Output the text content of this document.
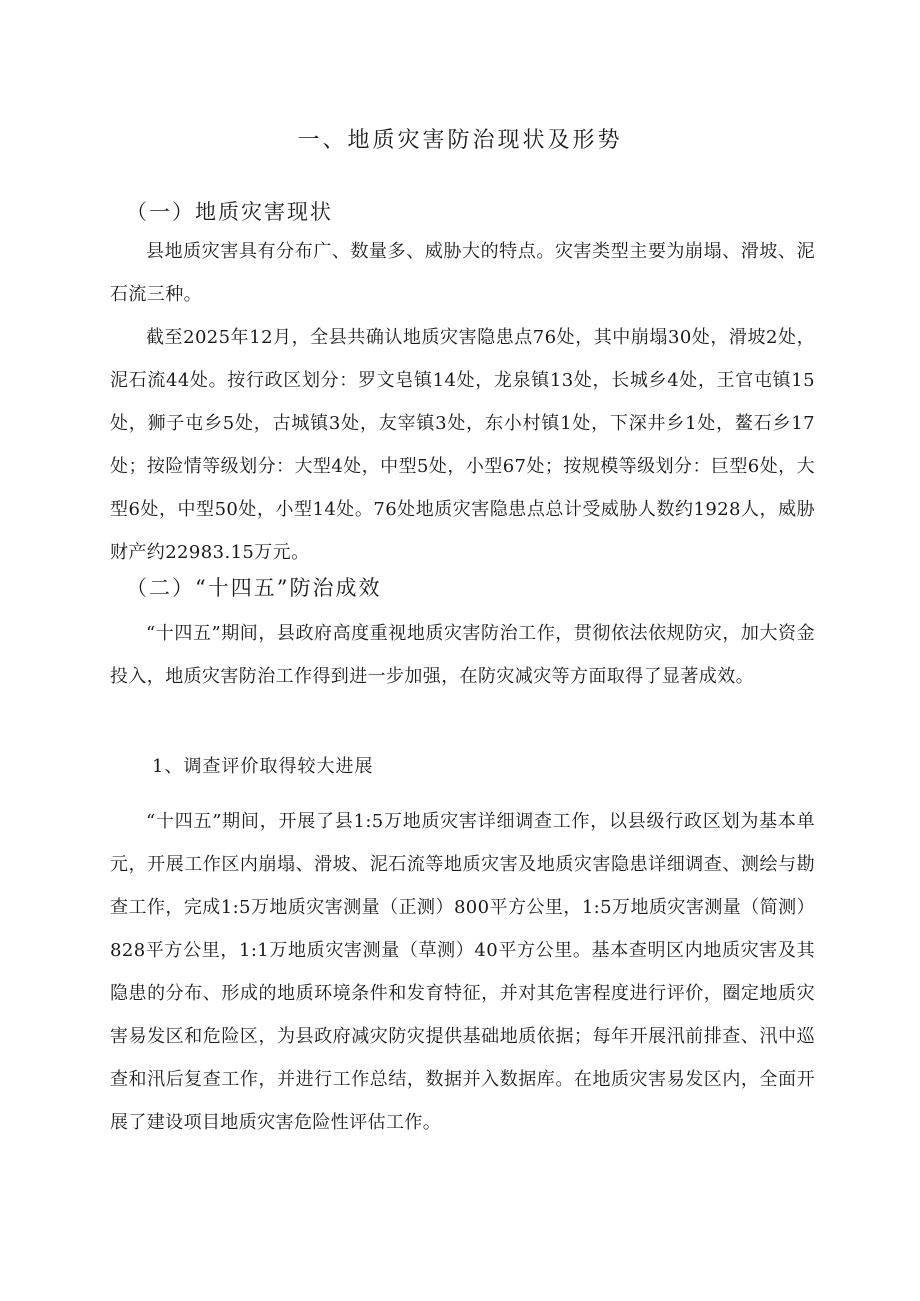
一、地质灾害防治现状及形势
（一）地质灾害现状

县地质灾害具有分布广、数量多、威胁大的特点。灾害类型主要为崩塌、滑坡、泥石流三种。

截至2025年12月，全县共确认地质灾害隐患点76处，其中崩塌30处，滑坡2处，泥石流44处。按行政区划分：罗文皂镇14处，龙泉镇13处，长城乡4处，王官屯镇15处，狮子屯乡5处，古城镇3处，友宰镇3处，东小村镇1处，下深井乡1处，鳌石乡17处；按险情等级划分：大型4处，中型5处，小型67处；按规模等级划分：巨型6处，大型6处，中型50处，小型14处。76处地质灾害隐患点总计受威胁人数约1928人，威胁财产约22983.15万元。

（二）“十四五”防治成效

“十四五”期间，县政府高度重视地质灾害防治工作，贯彻依法依规防灾，加大资金投入，地质灾害防治工作得到进一步加强，在防灾减灾等方面取得了显著成效。

1、调查评价取得较大进展

“十四五”期间，开展了县1:5万地质灾害详细调查工作，以县级行政区划为基本单元，开展工作区内崩塌、滑坡、泥石流等地质灾害及地质灾害隐患详细调查、测绘与勘查工作，完成1:5万地质灾害测量（正测）800平方公里，1:5万地质灾害测量（简测）828平方公里，1:1万地质灾害测量（草测）40平方公里。基本查明区内地质灾害及其隐患的分布、形成的地质环境条件和发育特征，并对其危害程度进行评价，圈定地质灾害易发区和危险区，为县政府减灾防灾提供基础地质依据；每年开展汛前排查、汛中巡查和汛后复查工作，并进行工作总结，数据并入数据库。在地质灾害易发区内，全面开展了建设项目地质灾害危险性评估工作。
